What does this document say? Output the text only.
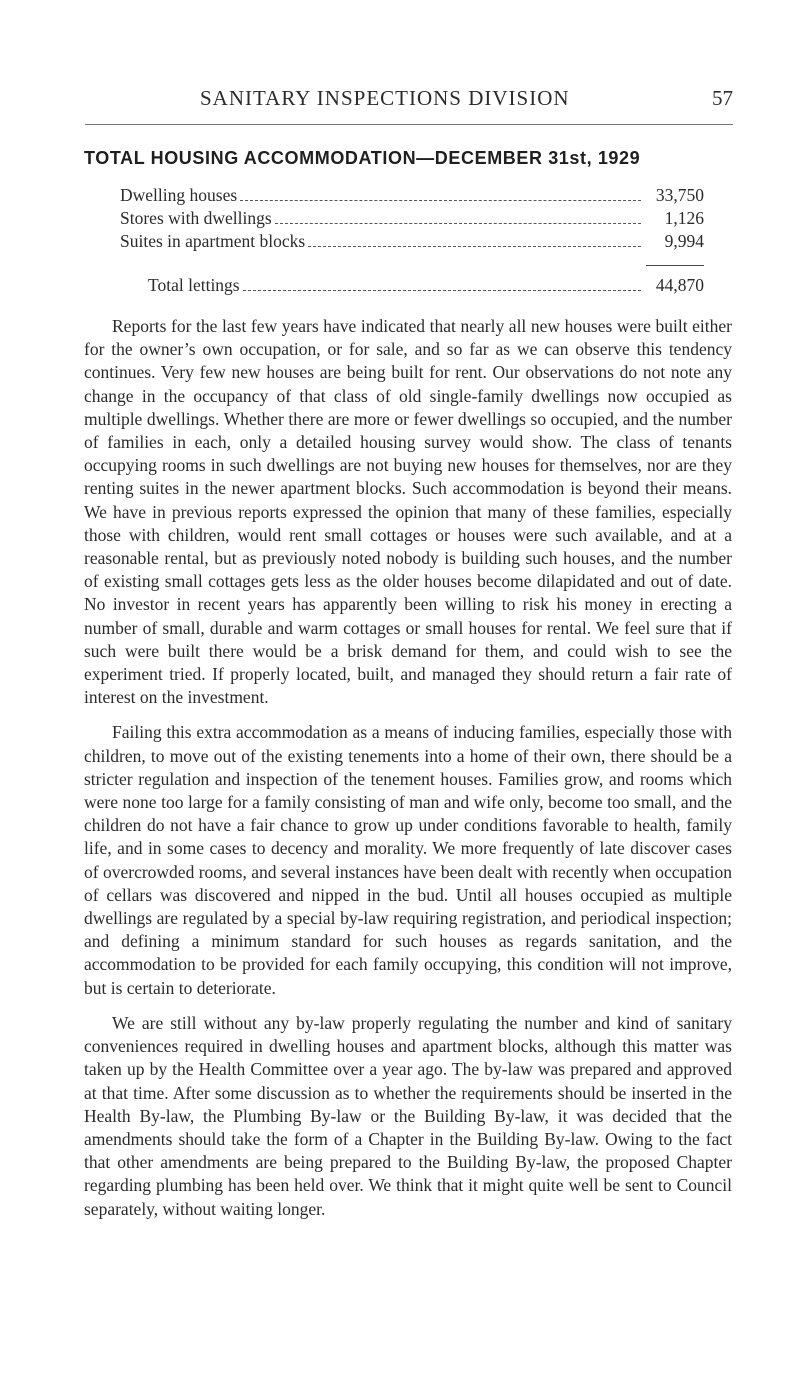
SANITARY INSPECTIONS DIVISION	57
TOTAL HOUSING ACCOMMODATION—DECEMBER 31st, 1929
Dwelling houses	33,750
Stores with dwellings	1,126
Suites in apartment blocks	9,994
Total lettings	44,870

Reports for the last few years have indicated that nearly all new houses were built either for the owner’s own occupation, or for sale, and so far as we can observe this tendency continues. Very few new houses are being built for rent. Our observations do not note any change in the occupancy of that class of old single-family dwellings now occupied as multiple dwellings. Whether there are more or fewer dwellings so occupied, and the number of families in each, only a detailed housing survey would show. The class of tenants occupying rooms in such dwellings are not buying new houses for themselves, nor are they renting suites in the newer apartment blocks. Such accommodation is beyond their means. We have in previous reports expressed the opinion that many of these families, especially those with children, would rent small cottages or houses were such available, and at a reasonable rental, but as previously noted nobody is building such houses, and the number of existing small cottages gets less as the older houses become dilapidated and out of date. No investor in recent years has apparently been willing to risk his money in erecting a number of small, durable and warm cottages or small houses for rental. We feel sure that if such were built there would be a brisk demand for them, and could wish to see the experiment tried. If properly located, built, and managed they should return a fair rate of interest on the investment.

Failing this extra accommodation as a means of inducing families, especially those with children, to move out of the existing tenements into a home of their own, there should be a stricter regulation and inspection of the tenement houses. Families grow, and rooms which were none too large for a family consisting of man and wife only, become too small, and the children do not have a fair chance to grow up under conditions favorable to health, family life, and in some cases to decency and morality. We more frequently of late discover cases of overcrowded rooms, and several instances have been dealt with recently when occupation of cellars was discovered and nipped in the bud. Until all houses occupied as multiple dwellings are regulated by a special by-law requiring registration, and periodical inspection; and defining a minimum standard for such houses as regards sanitation, and the accommodation to be provided for each family occupying, this condition will not improve, but is certain to deteriorate.

We are still without any by-law properly regulating the number and kind of sanitary conveniences required in dwelling houses and apartment blocks, although this matter was taken up by the Health Committee over a year ago. The by-law was prepared and approved at that time. After some discussion as to whether the requirements should be inserted in the Health By-law, the Plumbing By-law or the Building By-law, it was decided that the amendments should take the form of a Chapter in the Building By-law. Owing to the fact that other amendments are being prepared to the Building By-law, the proposed Chapter regarding plumbing has been held over. We think that it might quite well be sent to Council separately, without waiting longer.
